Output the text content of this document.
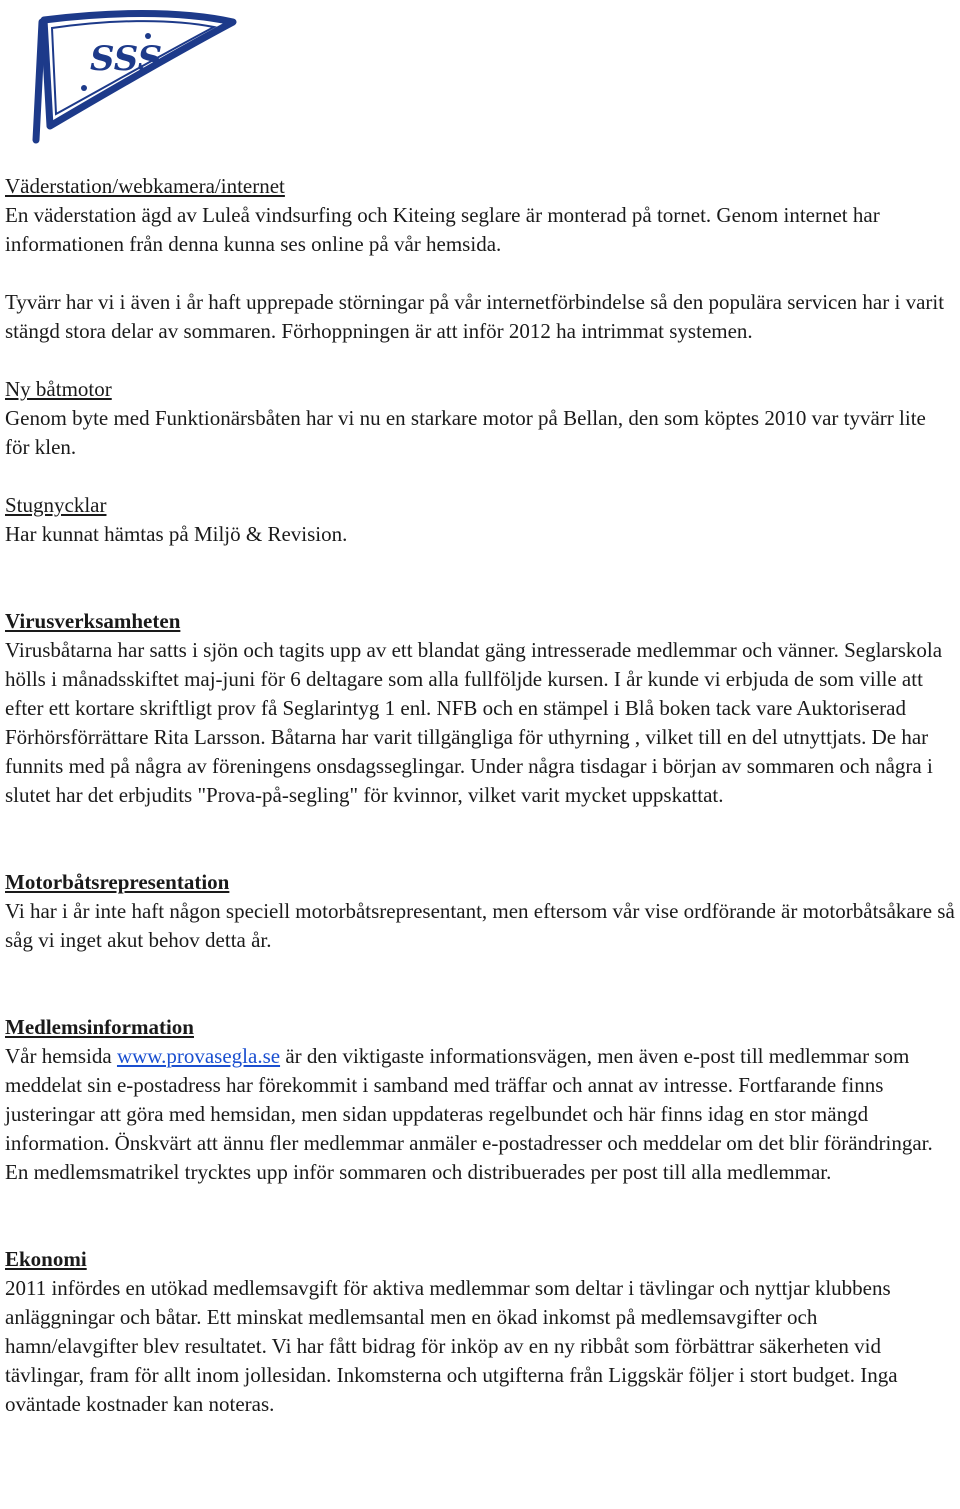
SSS

Väderstation/webkamera/internet

En väderstation ägd av Luleå vindsurfing och Kiteing seglare är monterad på tornet. Genom internet har informationen från denna kunna ses online på vår hemsida.

Tyvärr har vi i även i år haft upprepade störningar på vår internetförbindelse så den populära servicen har i varit stängd stora delar av sommaren. Förhoppningen är att inför 2012 ha intrimmat systemen.

Ny båtmotor

Genom byte med Funktionärsbåten har vi nu en starkare motor på Bellan, den som köptes 2010 var tyvärr lite för klen.

Stugnycklar

Har kunnat hämtas på Miljö & Revision.

Virusverksamheten

Virusbåtarna har satts i sjön och tagits upp av ett blandat gäng intresserade medlemmar och vänner. Seglarskola hölls i månadsskiftet maj-juni för 6 deltagare som alla fullföljde kursen. I år kunde vi erbjuda de som ville att efter ett kortare skriftligt prov få Seglarintyg 1 enl. NFB och en stämpel i Blå boken tack vare Auktoriserad Förhörsförrättare Rita Larsson. Båtarna har varit tillgängliga för uthyrning , vilket till en del utnyttjats. De har funnits med på några av föreningens onsdagsseglingar. Under några tisdagar i början av sommaren och några i slutet har det erbjudits "Prova-på-segling" för kvinnor, vilket varit mycket uppskattat.

Motorbåtsrepresentation

Vi har i år inte haft någon speciell motorbåtsrepresentant, men eftersom vår vise ordförande är motorbåtsåkare så såg vi inget akut behov detta år.

Medlemsinformation

Vår hemsida www.provasegla.se är den viktigaste informationsvägen, men även e-post till medlemmar som meddelat sin e-postadress har förekommit i samband med träffar och annat av intresse. Fortfarande finns justeringar att göra med hemsidan, men sidan uppdateras regelbundet och här finns idag en stor mängd information. Önskvärt att ännu fler medlemmar anmäler e-postadresser och meddelar om det blir förändringar. En medlemsmatrikel trycktes upp inför sommaren och distribuerades per post till alla medlemmar.

Ekonomi

2011 infördes en utökad medlemsavgift för aktiva medlemmar som deltar i tävlingar och nyttjar klubbens anläggningar och båtar. Ett minskat medlemsantal men en ökad inkomst på medlemsavgifter och hamn/elavgifter blev resultatet. Vi har fått bidrag för inköp av en ny ribbåt som förbättrar säkerheten vid tävlingar, fram för allt inom jollesidan. Inkomsterna och utgifterna från Liggskär följer i stort budget. Inga oväntade kostnader kan noteras.
